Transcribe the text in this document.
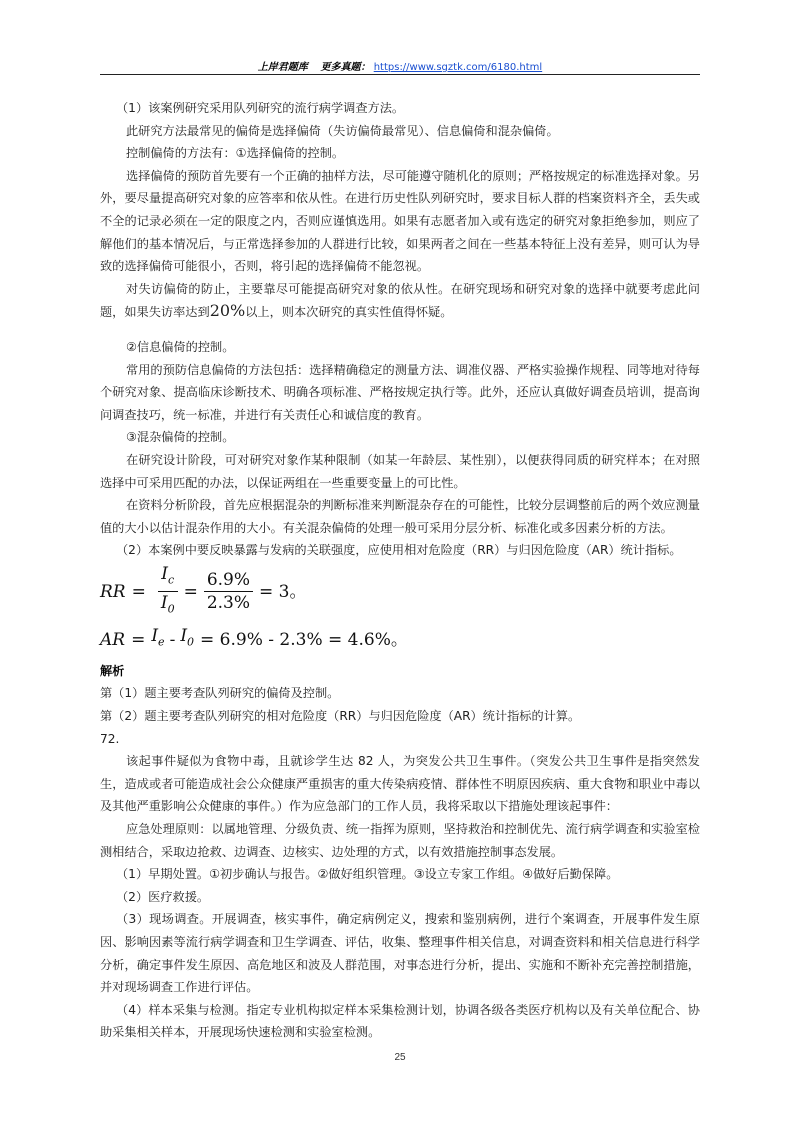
上岸君题库 更多真题： https://www.sgztk.com/6180.html

（1）该案例研究采用队列研究的流行病学调查方法。

此研究方法最常见的偏倚是选择偏倚（失访偏倚最常见）、信息偏倚和混杂偏倚。

控制偏倚的方法有：①选择偏倚的控制。

选择偏倚的预防首先要有一个正确的抽样方法，尽可能遵守随机化的原则；严格按规定的标准选择对象。另外，要尽量提高研究对象的应答率和依从性。在进行历史性队列研究时，要求目标人群的档案资料齐全，丢失或不全的记录必须在一定的限度之内，否则应谨慎选用。如果有志愿者加入或有选定的研究对象拒绝参加，则应了解他们的基本情况后，与正常选择参加的人群进行比较，如果两者之间在一些基本特征上没有差异，则可认为导致的选择偏倚可能很小，否则，将引起的选择偏倚不能忽视。

对失访偏倚的防止，主要靠尽可能提高研究对象的依从性。在研究现场和研究对象的选择中就要考虑此问题，如果失访率达到20%以上，则本次研究的真实性值得怀疑。

②信息偏倚的控制。

常用的预防信息偏倚的方法包括：选择精确稳定的测量方法、调准仪器、严格实验操作规程、同等地对待每个研究对象、提高临床诊断技术、明确各项标准、严格按规定执行等。此外，还应认真做好调查员培训，提高询问调查技巧，统一标准，并进行有关责任心和诚信度的教育。

③混杂偏倚的控制。

在研究设计阶段，可对研究对象作某种限制（如某一年龄层、某性别），以便获得同质的研究样本；在对照选择中可采用匹配的办法，以保证两组在一些重要变量上的可比性。

在资料分析阶段，首先应根据混杂的判断标准来判断混杂存在的可能性，比较分层调整前后的两个效应测量值的大小以估计混杂作用的大小。有关混杂偏倚的处理一般可采用分层分析、标准化或多因素分析的方法。

（2）本案例中要反映暴露与发病的关联强度，应使用相对危险度（RR）与归因危险度（AR）统计指标。

RR = $\frac{I_c}{I_0} = \frac{6.9\%}{2.3\%} = 3$。
AR = $I_e - I_0 = 6.9\% - 2.3\% = 4.6\%$。

解析

第（1）题主要考查队列研究的偏倚及控制。

第（2）题主要考查队列研究的相对危险度（RR）与归因危险度（AR）统计指标的计算。

72.

该起事件疑似为食物中毒，且就诊学生达 82 人，为突发公共卫生事件。（突发公共卫生事件是指突然发生，造成或者可能造成社会公众健康严重损害的重大传染病疫情、群体性不明原因疾病、重大食物和职业中毒以及其他严重影响公众健康的事件。）作为应急部门的工作人员，我将采取以下措施处理该起事件：

应急处理原则：以属地管理、分级负责、统一指挥为原则，坚持救治和控制优先、流行病学调查和实验室检测相结合，采取边抢救、边调查、边核实、边处理的方式，以有效措施控制事态发展。

（1）早期处置。①初步确认与报告。②做好组织管理。③设立专家工作组。④做好后勤保障。

（2）医疗救援。

（3）现场调查。开展调查，核实事件，确定病例定义，搜索和鉴别病例，进行个案调查，开展事件发生原因、影响因素等流行病学调查和卫生学调查、评估，收集、整理事件相关信息，对调查资料和相关信息进行科学分析，确定事件发生原因、高危地区和波及人群范围，对事态进行分析，提出、实施和不断补充完善控制措施，并对现场调查工作进行评估。

（4）样本采集与检测。指定专业机构拟定样本采集检测计划，协调各级各类医疗机构以及有关单位配合、协助采集相关样本，开展现场快速检测和实验室检测。

25
